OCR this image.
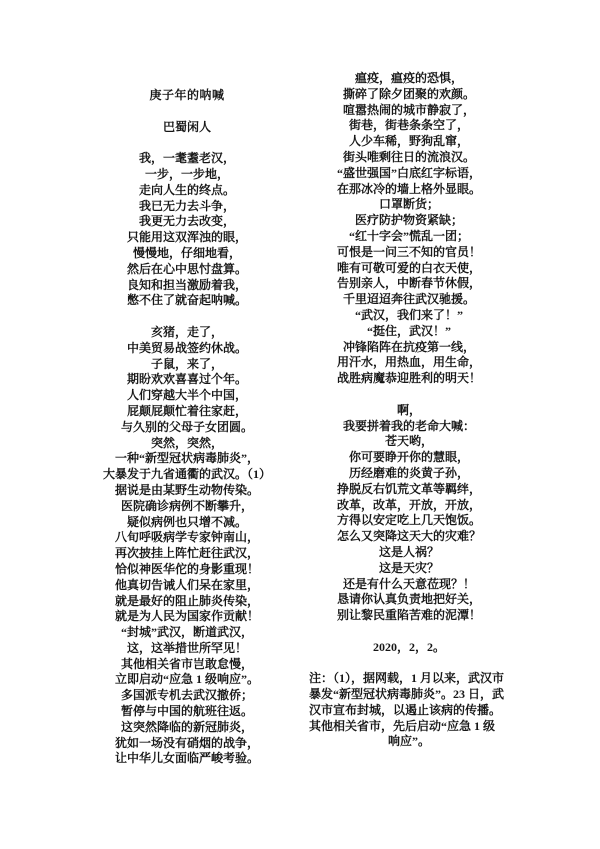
庚子年的呐喊
巴蜀闲人
我，一耄耋老汉，
一步，一步地，
走向人生的终点。
我已无力去斗争，
我更无力去改变，
只能用这双浑浊的眼，
慢慢地，仔细地看，
然后在心中思忖盘算。
良知和担当激励着我，
憋不住了就奋起呐喊。
亥猪，走了，
中美贸易战签约休战。
子鼠，来了，
期盼欢欢喜喜过个年。
人们穿越大半个中国，
屁颠屁颠忙着往家赶，
与久别的父母子女团圆。
突然，突然，
一种“新型冠状病毒肺炎”，
大暴发于九省通衢的武汉。（1）
据说是由某野生动物传染。
医院确诊病例不断攀升，
疑似病例也只增不减。
八旬呼吸病学专家钟南山，
再次披挂上阵忙赶往武汉，
恰似神医华佗的身影重现！
他真切告诫人们呆在家里，
就是最好的阻止肺炎传染，
就是为人民为国家作贡献！
“封城”武汉，断道武汉，
这，这举措世所罕见！
其他相关省市岂敢怠慢，
立即启动“应急 1 级响应”。
多国派专机去武汉撤侨；
暂停与中国的航班往返。
这突然降临的新冠肺炎，
犹如一场没有硝烟的战争，
让中华儿女面临严峻考验。
瘟疫，瘟疫的恐惧，
撕碎了除夕团聚的欢颜。
喧嚣热闹的城市静寂了，
街巷，街巷条条空了，
人少车稀，野狗乱窜，
街头唯剩往日的流浪汉。
“盛世强国”白底红字标语，
在那冰冷的墙上格外显眼。
口罩断货；
医疗防护物资紧缺；
“红十字会”慌乱一团；
可恨是一问三不知的官员！
唯有可敬可爱的白衣天使，
告别亲人，中断春节休假，
千里迢迢奔往武汉驰援。
“武汉，我们来了！”
“挺住，武汉！”
冲锋陷阵在抗疫第一线，
用汗水，用热血，用生命，
战胜病魔恭迎胜利的明天！
啊，
我要拼着我的老命大喊：
苍天哟，
你可要睁开你的慧眼，
历经磨难的炎黄子孙，
挣脱反右饥荒文革等羁绊，
改革，改革，开放，开放，
方得以安定吃上几天饱饭。
怎么又突降这天大的灾难？
这是人祸？
这是天灾？
还是有什么天意莅现？！
恳请你认真负责地把好关，
别让黎民重陷苦难的泥潭！
2020，2，2。
注：（1），据网载，1 月以来，武汉市
暴发“新型冠状病毒肺炎”。23 日，武
汉市宣布封城，以遏止该病的传播。
其他相关省市，先后启动“应急 1 级
响应”。
